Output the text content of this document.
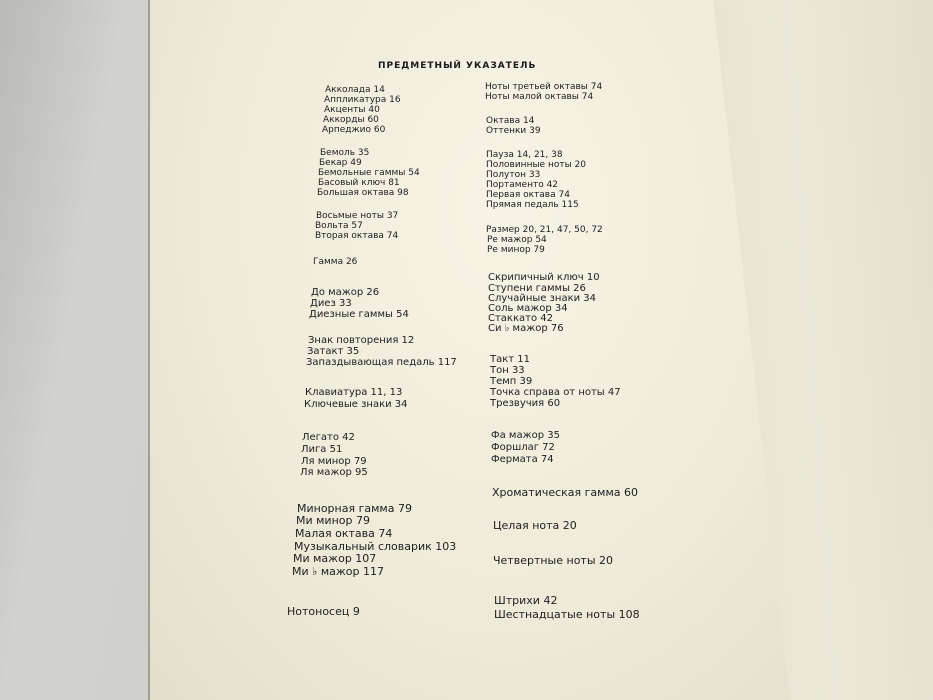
ПРЕДМЕТНЫЙ УКАЗАТЕЛЬ
Акколада 14
Аппликатура 16
Акценты 40
Аккорды 60
Арпеджио 60
Бемоль 35
Бекар 49
Бемольные гаммы 54
Басовый ключ 81
Большая октава 98
Восьмые ноты 37
Вольта 57
Вторая октава 74
Гамма 26
До мажор 26
Диез 33
Диезные гаммы 54
Знак повторения 12
Затакт 35
Запаздывающая педаль 117
Клавиатура 11, 13
Ключевые знаки 34
Легато 42
Лига 51
Ля минор 79
Ля мажор 95
Минорная гамма 79
Ми минор 79
Малая октава 74
Музыкальный словарик 103
Ми мажор 107
Ми ♭ мажор 117
Нотоносец 9
Ноты третьей октавы 74
Ноты малой октавы 74
Октава 14
Оттенки 39
Пауза 14, 21, 38
Половинные ноты 20
Полутон 33
Портаменто 42
Первая октава 74
Прямая педаль 115
Размер 20, 21, 47, 50, 72
Ре мажор 54
Ре минор 79
Скрипичный ключ 10
Ступени гаммы 26
Случайные знаки 34
Соль мажор 34
Стаккато 42
Си ♭ мажор 76
Такт 11
Тон 33
Темп 39
Точка справа от ноты 47
Трезвучия 60
Фа мажор 35
Форшлаг 72
Фермата 74
Хроматическая гамма 60
Целая нота 20
Четвертные ноты 20
Штрихи 42
Шестнадцатые ноты 108
